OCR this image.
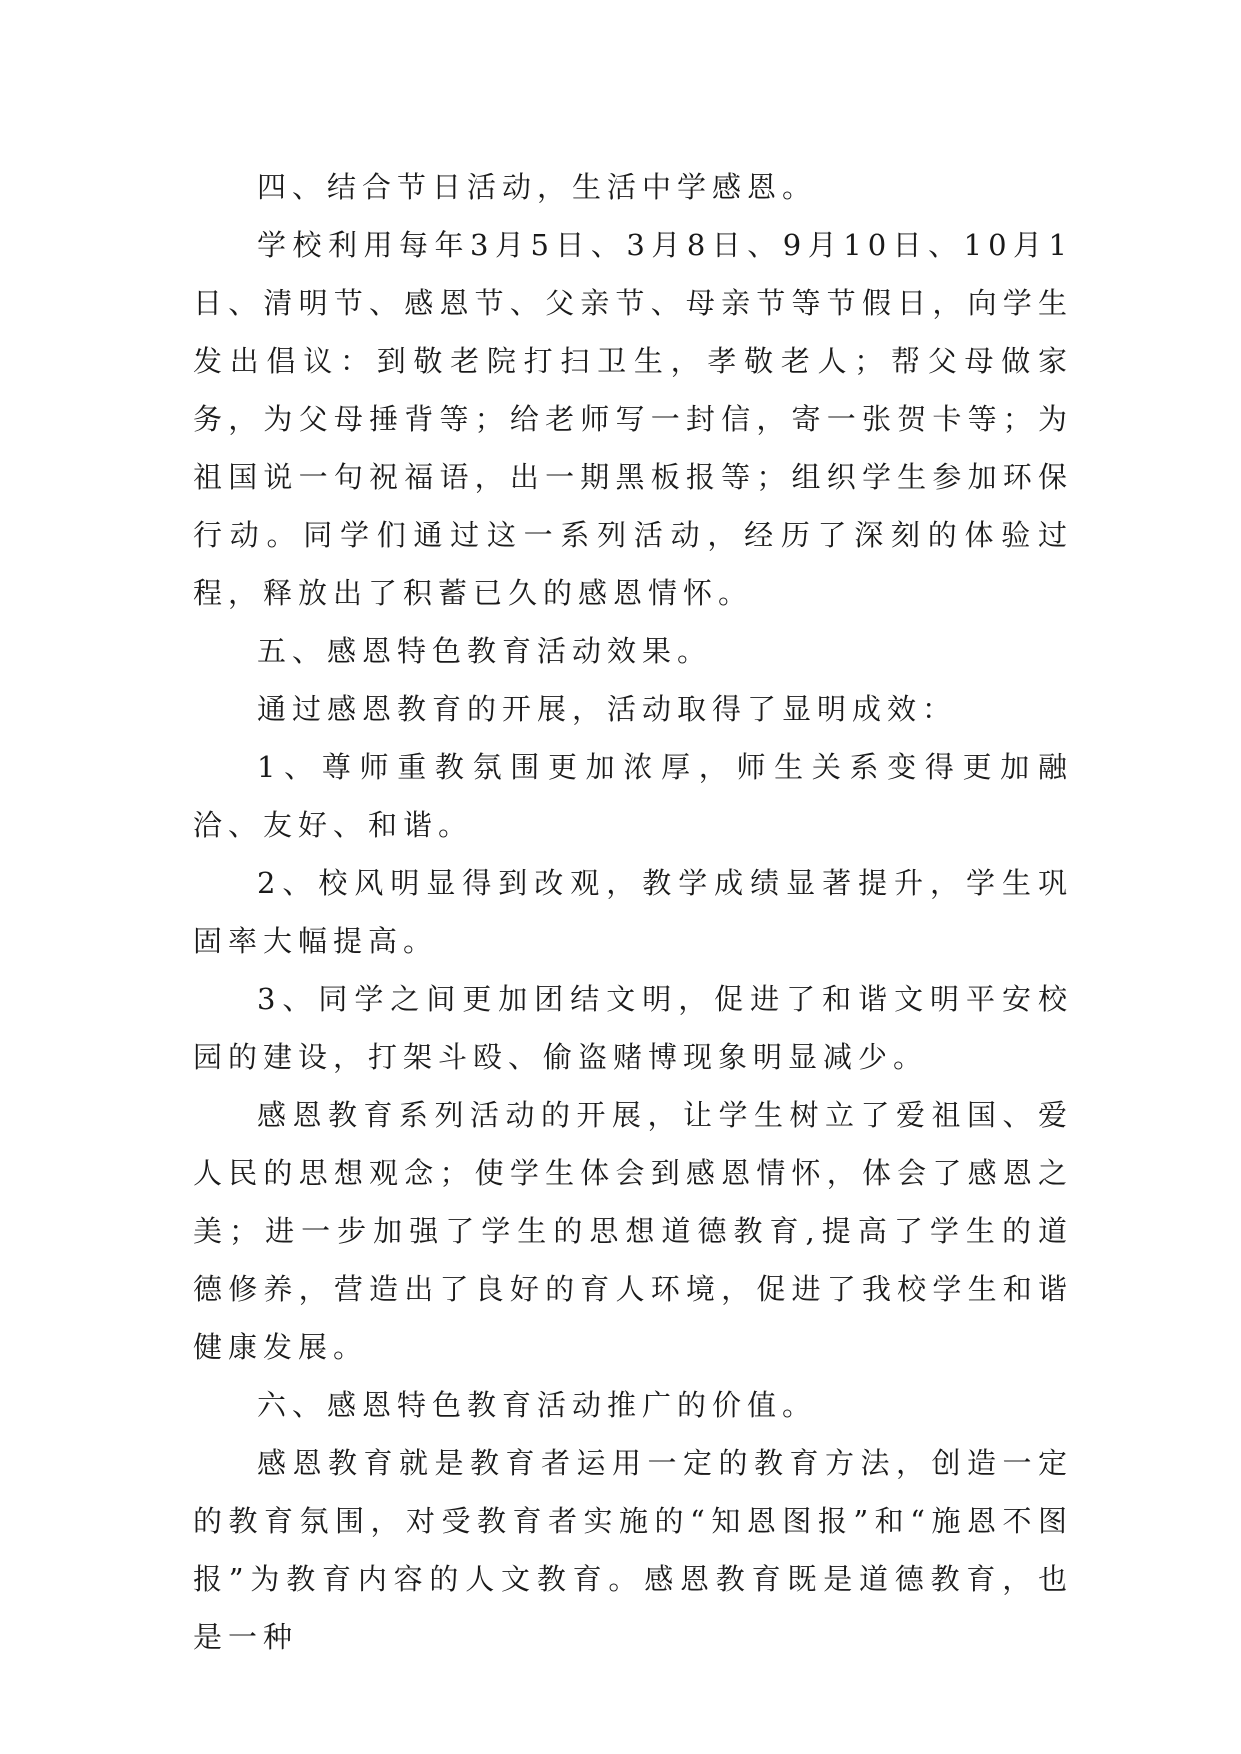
四、结合节日活动，生活中学感恩。

学校利用每年3月5日、3月8日、9月10日、10月1日、清明节、感恩节、父亲节、母亲节等节假日，向学生发出倡议：到敬老院打扫卫生，孝敬老人；帮父母做家务，为父母捶背等；给老师写一封信，寄一张贺卡等；为祖国说一句祝福语，出一期黑板报等；组织学生参加环保行动。同学们通过这一系列活动，经历了深刻的体验过程，释放出了积蓄已久的感恩情怀。

五、感恩特色教育活动效果。

通过感恩教育的开展，活动取得了显明成效：

1、尊师重教氛围更加浓厚，师生关系变得更加融洽、友好、和谐。

2、校风明显得到改观，教学成绩显著提升，学生巩固率大幅提高。

3、同学之间更加团结文明，促进了和谐文明平安校园的建设，打架斗殴、偷盗赌博现象明显减少。

感恩教育系列活动的开展，让学生树立了爱祖国、爱人民的思想观念；使学生体会到感恩情怀，体会了感恩之美；进一步加强了学生的思想道德教育,提高了学生的道德修养，营造出了良好的育人环境，促进了我校学生和谐健康发展。

六、感恩特色教育活动推广的价值。

感恩教育就是教育者运用一定的教育方法，创造一定的教育氛围，对受教育者实施的“知恩图报”和“施恩不图报”为教育内容的人文教育。感恩教育既是道德教育，也是一种
